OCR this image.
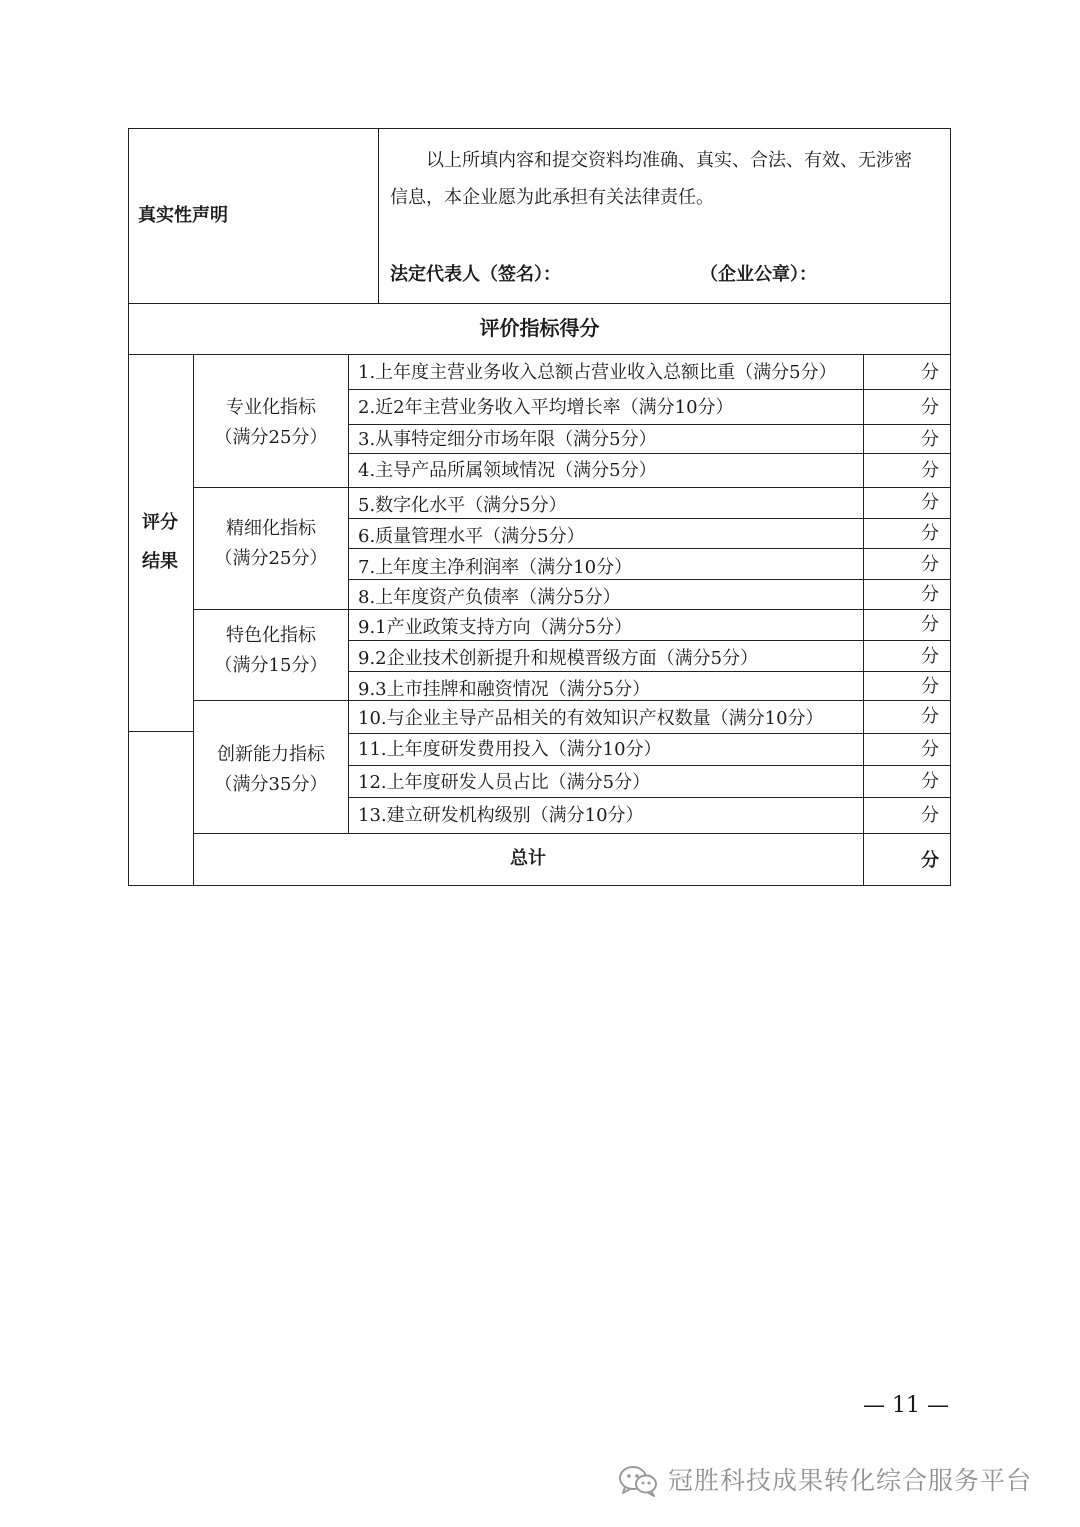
真实性声明
以上所填内容和提交资料均准确、真实、合法、有效、无涉密
信息，本企业愿为此承担有关法律责任。
法定代表人（签名）：	（企业公章）：
评价指标得分
评分
结果
专业化指标
（满分25分）
精细化指标
（满分25分）
特色化指标
（满分15分）
创新能力指标
（满分35分）
1.上年度主营业务收入总额占营业收入总额比重（满分5分）
2.近2年主营业务收入平均增长率（满分10分）
3.从事特定细分市场年限（满分5分）
4.主导产品所属领域情况（满分5分）
5.数字化水平（满分5分）
6.质量管理水平（满分5分）
7.上年度主净利润率（满分10分）
8.上年度资产负债率（满分5分）
9.1产业政策支持方向（满分5分）
9.2企业技术创新提升和规模晋级方面（满分5分）
9.3上市挂牌和融资情况（满分5分）
10.与企业主导产品相关的有效知识产权数量（满分10分）
11.上年度研发费用投入（满分10分）
12.上年度研发人员占比（满分5分）
13.建立研发机构级别（满分10分）
分
分
分
分
分
分
分
分
分
分
分
分
分
分
分
总计	分
— 11 —
冠胜科技成果转化综合服务平台
